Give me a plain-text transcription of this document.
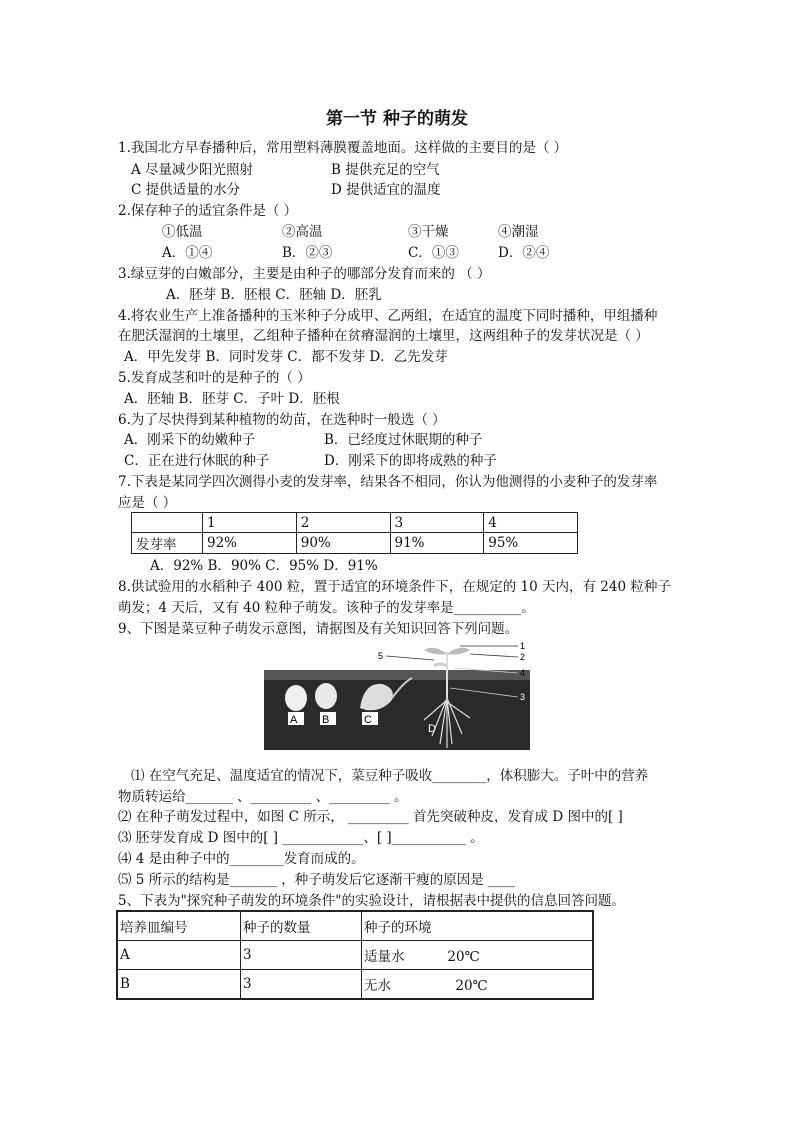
第一节 种子的萌发
1.我国北方早春播种后，常用塑料薄膜覆盖地面。这样做的主要目的是（ ）
A 尽量减少阳光照射	B 提供充足的空气
C 提供适量的水分	D 提供适宜的温度
2.保存种子的适宜条件是（ ）
①低温	②高温	③干燥	④潮湿
A．①④	B．②③	C．①③	D．②④
3.绿豆芽的白嫩部分，主要是由种子的哪部分发育而来的 （ ）
A．胚芽 B．胚根 C．胚轴 D．胚乳
4.将农业生产上准备播种的玉米种子分成甲、乙两组，在适宜的温度下同时播种，甲组播种
在肥沃湿润的土壤里，乙组种子播种在贫瘠湿润的土壤里，这两组种子的发芽状况是（ ）
A．甲先发芽 B．同时发芽 C．都不发芽 D．乙先发芽
5.发育成茎和叶的是种子的（ ）
A．胚轴 B．胚芽 C．子叶 D．胚根
6.为了尽快得到某种植物的幼苗，在选种时一般选（ ）
A．刚采下的幼嫩种子	B．已经度过休眠期的种子
C．正在进行休眠的种子	D．刚采下的即将成熟的种子
7.下表是某同学四次测得小麦的发芽率，结果各不相同，你认为他测得的小麦种子的发芽率
应是（ ）
	1	2	3	4
发芽率	92%	90%	91%	95%
A．92% B．90% C．95% D．91%
8.供试验用的水稻种子 400 粒，置于适宜的环境条件下，在规定的 10 天内，有 240 粒种子
萌发；4 天后，又有 40 粒种子萌发。该种子的发芽率是__________。
9、下图是菜豆种子萌发示意图，请据图及有关知识回答下列问题。
A B	C
D
1
2
3
4
5
⑴ 在空气充足、温度适宜的情况下，菜豆种子吸收________，体积膨大。子叶中的营养
物质转运给_______ 、_________ 、_________ 。
⑵ 在种子萌发过程中，如图 C 所示， _________ 首先突破种皮，发育成 D 图中的[ ]
⑶ 胚芽发育成 D 图中的[ ] ____________、[ ]___________ 。
⑷ 4 是由种子中的________发育而成的。
⑸ 5 所示的结构是_______ ，种子萌发后它逐渐干瘦的原因是 ____
5、下表为"探究种子萌发的环境条件"的实验设计，请根据表中提供的信息回答问题。
培养皿编号	种子的数量	种子的环境
A	3	适量水          20℃
B	3	无水               20℃
